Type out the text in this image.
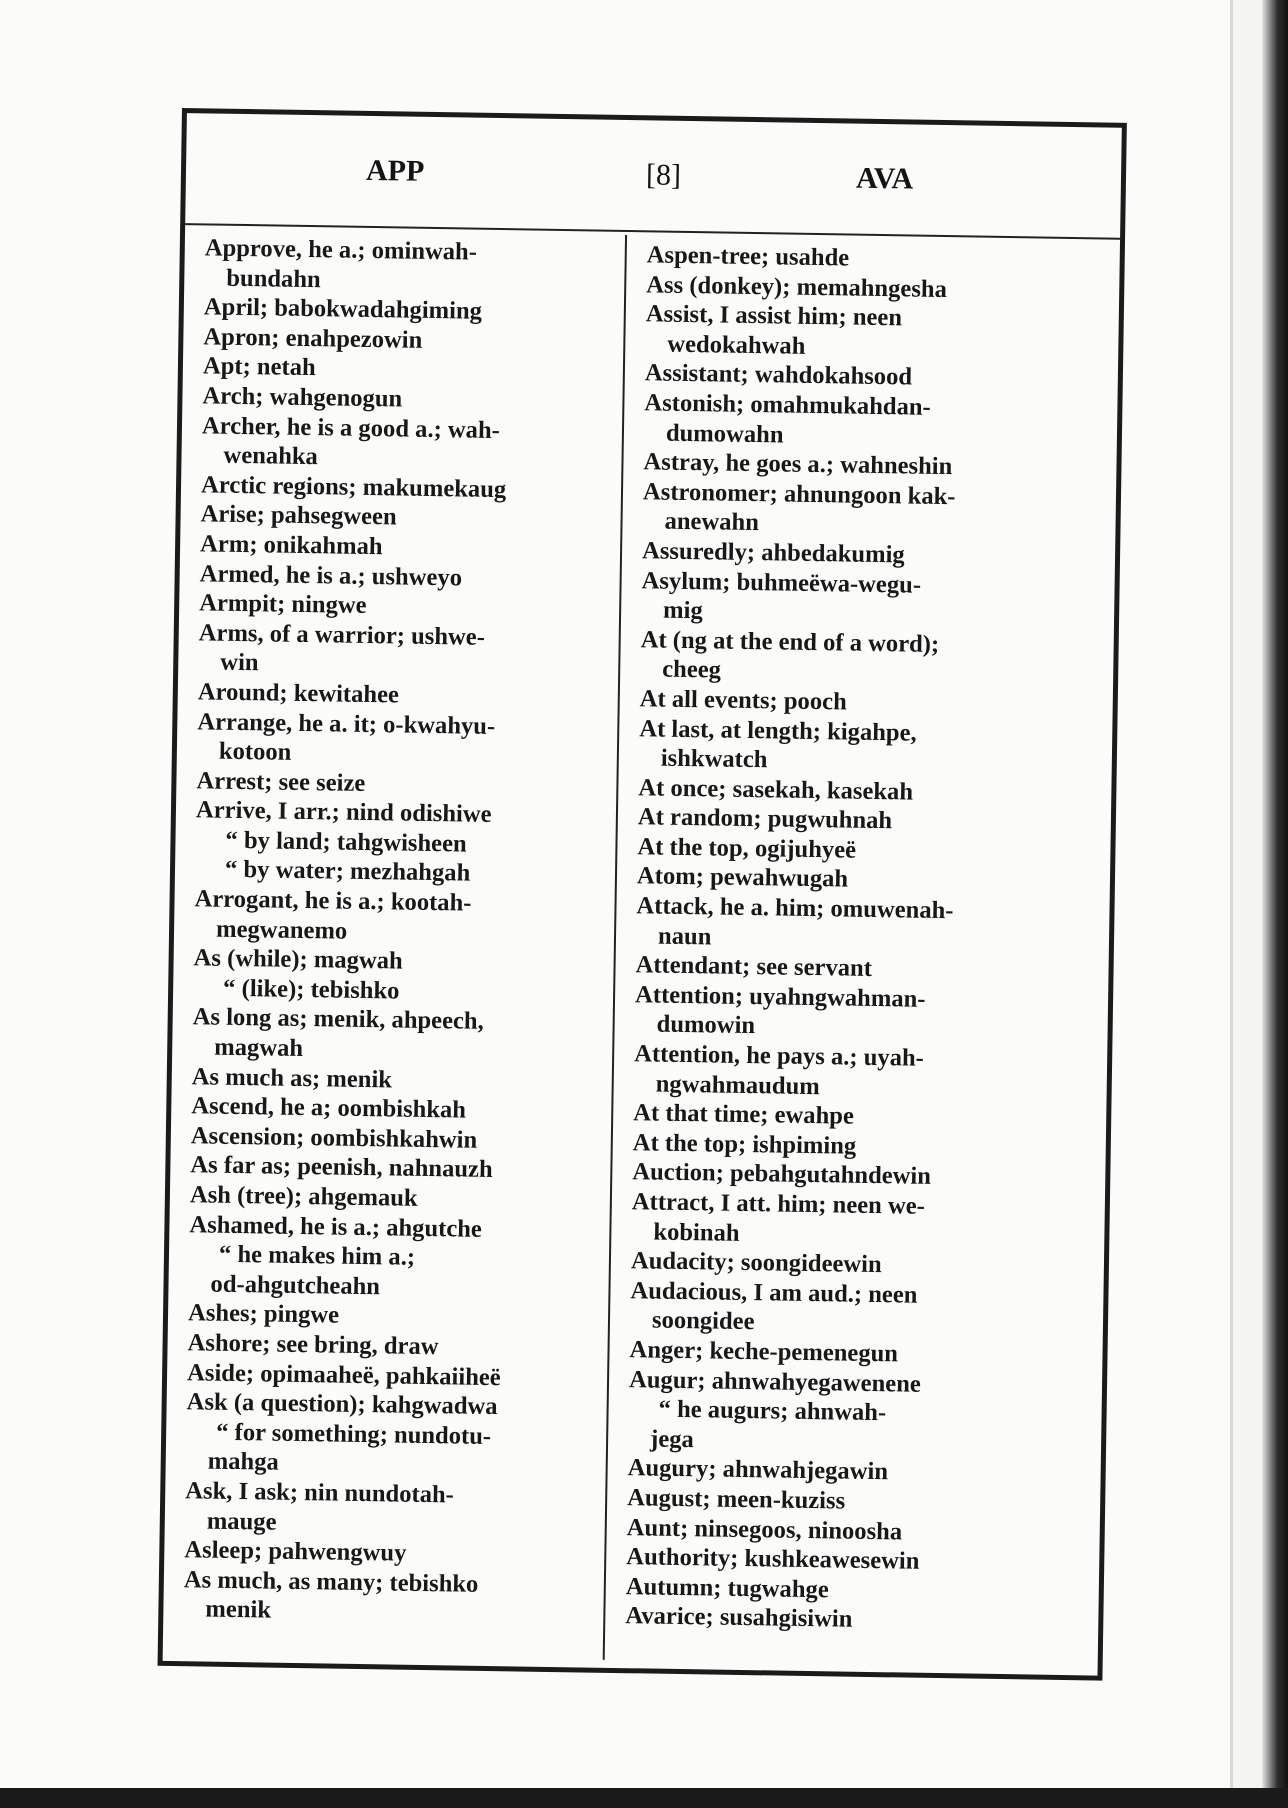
APP	[8]	AVA
Approve, he a.; ominwah-
bundahn
April; babokwadahgiming
Apron; enahpezowin
Apt; netah
Arch; wahgenogun
Archer, he is a good a.; wah-
wenahka
Arctic regions; makumekaug
Arise; pahsegween
Arm; onikahmah
Armed, he is a.; ushweyo
Armpit; ningwe
Arms, of a warrior; ushwe-
win
Around; kewitahee
Arrange, he a. it; o-kwahyu-
kotoon
Arrest; see seize
Arrive, I arr.; nind odishiwe
“ by land; tahgwisheen
“ by water; mezhahgah
Arrogant, he is a.; kootah-
megwanemo
As (while); magwah
“ (like); tebishko
As long as; menik, ahpeech,
magwah
As much as; menik
Ascend, he a; oombishkah
Ascension; oombishkahwin
As far as; peenish, nahnauzh
Ash (tree); ahgemauk
Ashamed, he is a.; ahgutche
“ he makes him a.;
od-ahgutcheahn
Ashes; pingwe
Ashore; see bring, draw
Aside; opimaaheë, pahkaiiheë
Ask (a question); kahgwadwa
“ for something; nundotu-
mahga
Ask, I ask; nin nundotah-
mauge
Asleep; pahwengwuy
As much, as many; tebishko
menik
Aspen-tree; usahde
Ass (donkey); memahngesha
Assist, I assist him; neen
wedokahwah
Assistant; wahdokahsood
Astonish; omahmukahdan-
dumowahn
Astray, he goes a.; wahneshin
Astronomer; ahnungoon kak-
anewahn
Assuredly; ahbedakumig
Asylum; buhmeëwa-wegu-
mig
At (ng at the end of a word);
cheeg
At all events; pooch
At last, at length; kigahpe,
ishkwatch
At once; sasekah, kasekah
At random; pugwuhnah
At the top, ogijuhyeë
Atom; pewahwugah
Attack, he a. him; omuwenah-
naun
Attendant; see servant
Attention; uyahngwahman-
dumowin
Attention, he pays a.; uyah-
ngwahmaudum
At that time; ewahpe
At the top; ishpiming
Auction; pebahgutahndewin
Attract, I att. him; neen we-
kobinah
Audacity; soongideewin
Audacious, I am aud.; neen
soongidee
Anger; keche-pemenegun
Augur; ahnwahyegawenene
“ he augurs; ahnwah-
jega
Augury; ahnwahjegawin
August; meen-kuziss
Aunt; ninsegoos, ninoosha
Authority; kushkeawesewin
Autumn; tugwahge
Avarice; susahgisiwin
